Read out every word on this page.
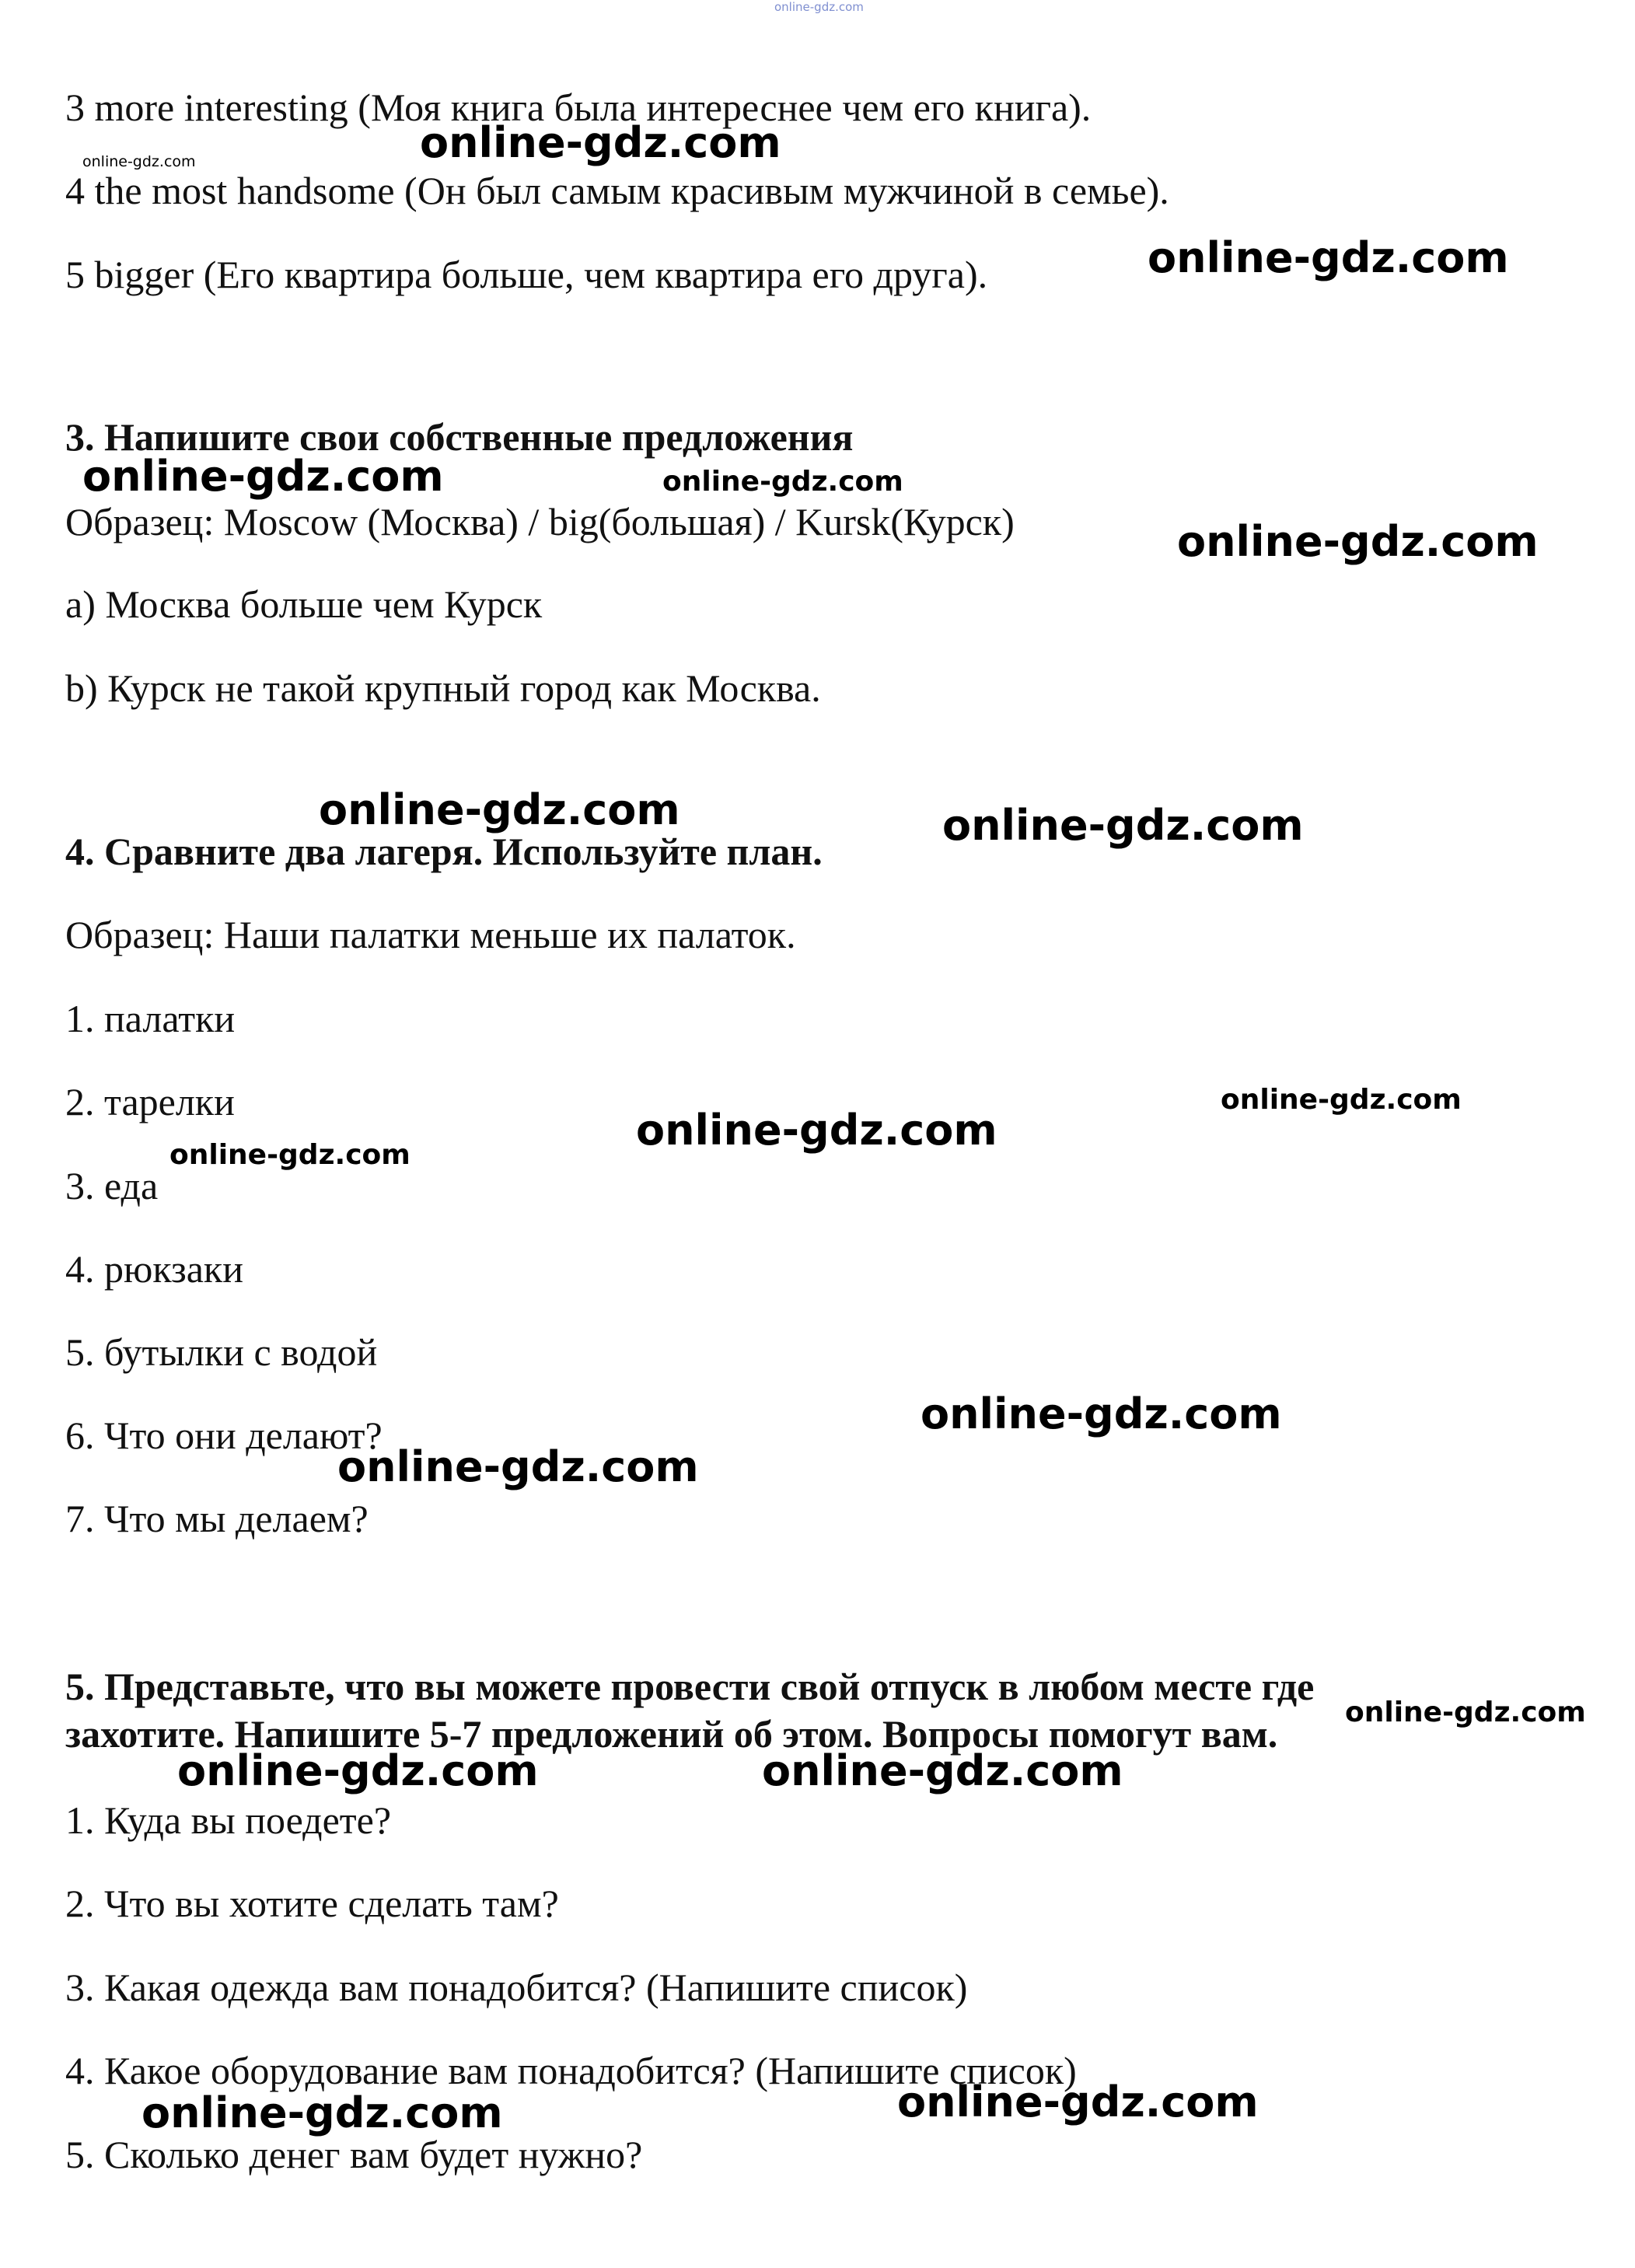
online-gdz.com
3 more interesting (Моя книга была интереснее чем его книга).
4 the most handsome (Он был самым красивым мужчиной в семье).
5 bigger (Его квартира больше, чем квартира его друга).
3. Напишите свои собственные предложения
Образец: Moscow (Москва) / big(большая) / Kursk(Курск)
a) Москва больше чем Курск
b) Курск не такой крупный город как Москва.
4. Сравните два лагеря. Используйте план.
Образец: Наши палатки меньше их палаток.
1. палатки
2. тарелки
3. еда
4. рюкзаки
5. бутылки с водой
6. Что они делают?
7. Что мы делаем?
5. Представьте, что вы можете провести свой отпуск в любом месте где
захотите. Напишите 5-7 предложений об этом. Вопросы помогут вам.
1. Куда вы поедете?
2. Что вы хотите сделать там?
3. Какая одежда вам понадобится? (Напишите список)
4. Какое оборудование вам понадобится? (Напишите список)
5. Сколько денег вам будет нужно?
online-gdz.com
online-gdz.com
online-gdz.com
online-gdz.com	online-gdz.com
online-gdz.com
online-gdz.com	online-gdz.com
online-gdz.com
online-gdz.com
online-gdz.com
online-gdz.com
online-gdz.com
online-gdz.com
online-gdz.com	online-gdz.com
online-gdz.com	online-gdz.com
